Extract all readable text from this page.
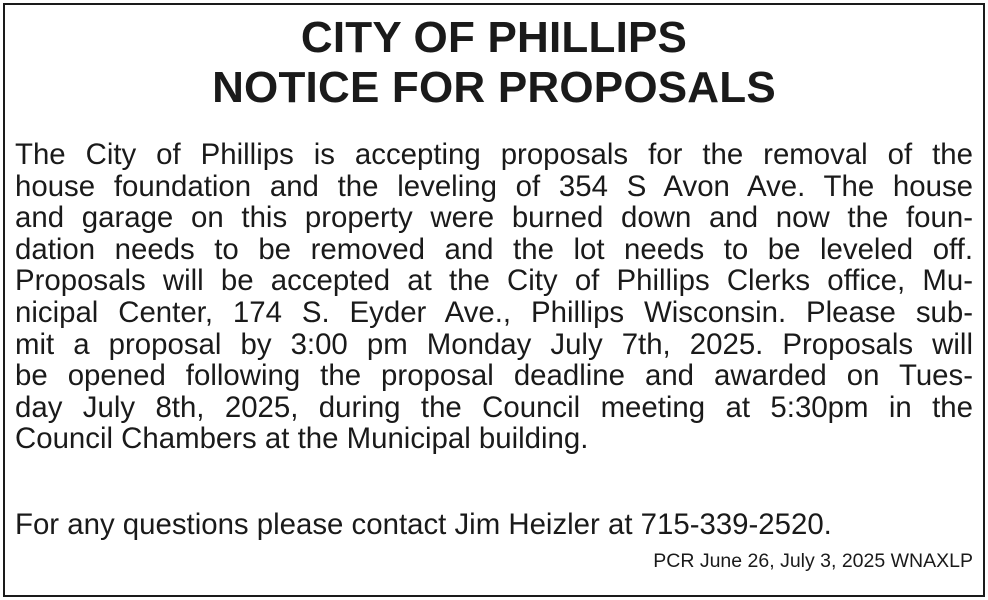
CITY OF PHILLIPS
NOTICE FOR PROPOSALS
The City of Phillips is accepting proposals for the removal of the
house foundation and the leveling of 354 S Avon Ave. The house
and garage on this property were burned down and now the foun-
dation needs to be removed and the lot needs to be leveled off.
Proposals will be accepted at the City of Phillips Clerks office, Mu-
nicipal Center, 174 S. Eyder Ave., Phillips Wisconsin. Please sub-
mit a proposal by 3:00 pm Monday July 7th, 2025. Proposals will
be opened following the proposal deadline and awarded on Tues-
day July 8th, 2025, during the Council meeting at 5:30pm in the
Council Chambers at the Municipal building.
For any questions please contact Jim Heizler at 715-339-2520.
PCR June 26, July 3, 2025 WNAXLP
